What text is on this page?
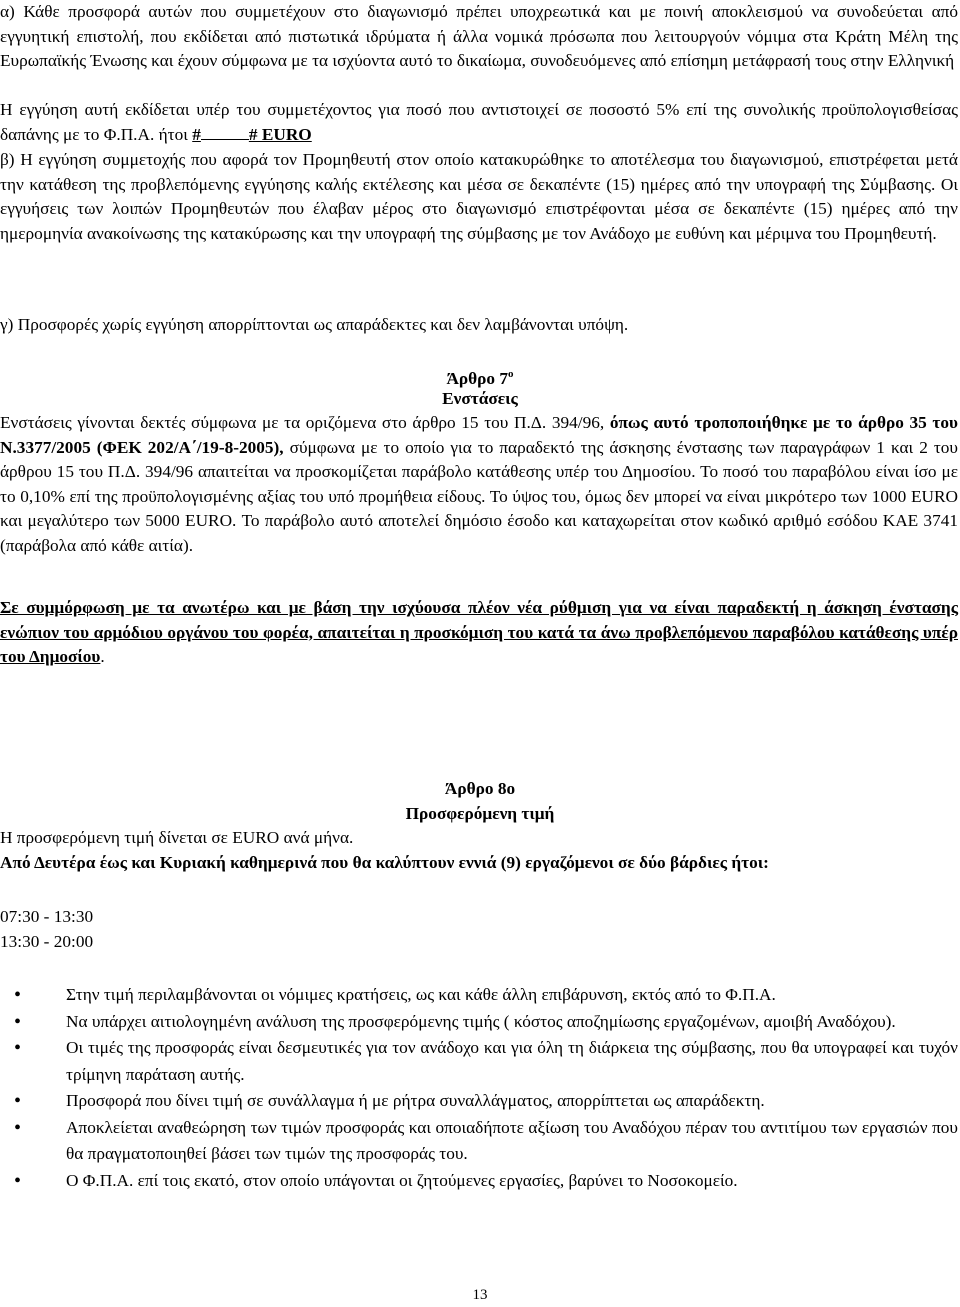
α) Κάθε προσφορά αυτών που συμμετέχουν στο διαγωνισμό πρέπει υποχρεωτικά και με ποινή αποκλεισμού να συνοδεύεται από εγγυητική επιστολή, που εκδίδεται από πιστωτικά ιδρύματα ή άλλα νομικά πρόσωπα που λειτουργούν νόμιμα στα Κράτη Μέλη της Ευρωπαϊκής Ένωσης και έχουν σύμφωνα με τα ισχύοντα αυτό το δικαίωμα, συνοδευόμενες από επίσημη μετάφρασή τους στην Ελληνική

Η εγγύηση αυτή εκδίδεται υπέρ του συμμετέχοντος για ποσό που αντιστοιχεί σε ποσοστό 5% επί της συνολικής προϋπολογισθείσας δαπάνης με το Φ.Π.Α. ήτοι #	# EURO

β) Η εγγύηση συμμετοχής που αφορά τον Προμηθευτή στον οποίο κατακυρώθηκε το αποτέλεσμα του διαγωνισμού, επιστρέφεται μετά την κατάθεση της προβλεπόμενης εγγύησης καλής εκτέλεσης και μέσα σε δεκαπέντε (15) ημέρες από την υπογραφή της Σύμβασης. Οι εγγυήσεις των λοιπών Προμηθευτών που έλαβαν μέρος στο διαγωνισμό επιστρέφονται μέσα σε δεκαπέντε (15) ημέρες από την ημερομηνία ανακοίνωσης της κατακύρωσης και την υπογραφή της σύμβασης με τον Ανάδοχο με ευθύνη και μέριμνα του Προμηθευτή.

γ) Προσφορές χωρίς εγγύηση απορρίπτονται ως απαράδεκτες και δεν λαμβάνονται υπόψη.

Άρθρο $7^o$

Ενστάσεις

Ενστάσεις γίνονται δεκτές σύμφωνα με τα οριζόμενα στο άρθρο 15 του Π.Δ. 394/96, όπως αυτό τροποποιήθηκε με το άρθρο 35 του Ν.3377/2005 (ΦΕΚ 202/Α΄/19-8-2005), σύμφωνα με το οποίο για το παραδεκτό της άσκησης ένστασης των παραγράφων 1 και 2 του άρθρου 15 του Π.Δ. 394/96 απαιτείται να προσκομίζεται παράβολο κατάθεσης υπέρ του Δημοσίου. Το ποσό του παραβόλου είναι ίσο με το 0,10% επί της προϋπολογισμένης αξίας του υπό προμήθεια είδους. Το ύψος του, όμως δεν μπορεί να είναι μικρότερο των 1000 EURO και μεγαλύτερο των 5000 EURO. Το παράβολο αυτό αποτελεί δημόσιο έσοδο και καταχωρείται στον κωδικό αριθμό εσόδου ΚΑΕ 3741 (παράβολα από κάθε αιτία).

Σε συμμόρφωση με τα ανωτέρω και με βάση την ισχύουσα πλέον νέα ρύθμιση για να είναι παραδεκτή η άσκηση ένστασης ενώπιον του αρμόδιου οργάνου του φορέα, απαιτείται η προσκόμιση του κατά τα άνω προβλεπόμενου παραβόλου κατάθεσης υπέρ του Δημοσίου.

Άρθρο 8ο

Προσφερόμενη τιμή

Η προσφερόμενη τιμή δίνεται σε EURO ανά μήνα.

Από Δευτέρα έως και Κυριακή καθημερινά που θα καλύπτουν εννιά (9) εργαζόμενοι σε δύο βάρδιες ήτοι:

07:30 - 13:30

13:30 - 20:00

•	Στην τιμή περιλαμβάνονται οι νόμιμες κρατήσεις, ως και κάθε άλλη επιβάρυνση, εκτός από το Φ.Π.Α.
•	Να υπάρχει αιτιολογημένη ανάλυση της προσφερόμενης τιμής ( κόστος αποζημίωσης εργαζομένων, αμοιβή Αναδόχου).
•	Οι τιμές της προσφοράς είναι δεσμευτικές για τον ανάδοχο και για όλη τη διάρκεια της σύμβασης, που θα υπογραφεί και τυχόν τρίμηνη παράταση αυτής.
•	Προσφορά που δίνει τιμή σε συνάλλαγμα ή με ρήτρα συναλλάγματος, απορρίπτεται ως απαράδεκτη.
•	Αποκλείεται αναθεώρηση των τιμών προσφοράς και οποιαδήποτε αξίωση του Αναδόχου πέραν του αντιτίμου των εργασιών που θα πραγματοποιηθεί βάσει των τιμών της προσφοράς του.
•	Ο Φ.Π.Α. επί τοις εκατό, στον οποίο υπάγονται οι ζητούμενες εργασίες, βαρύνει το Νοσοκομείο.

13
